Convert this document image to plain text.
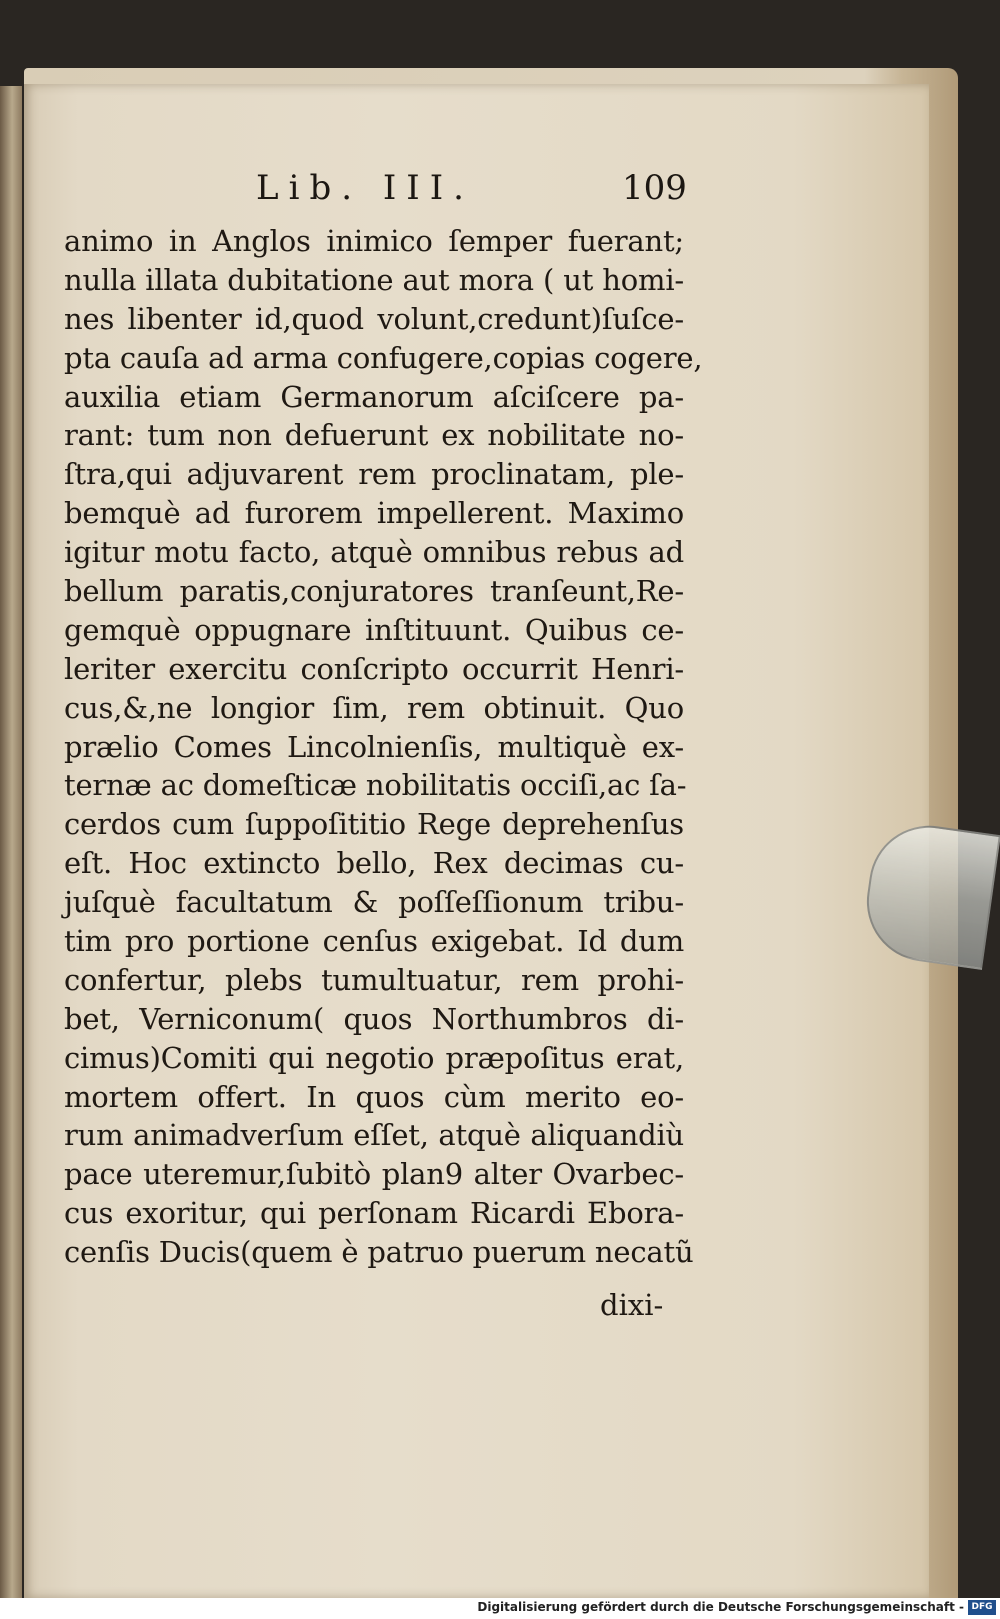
Lib. III.	109
animo in Anglos inimico ſemper fuerant;
nulla illata dubitatione aut mora ( ut homi-
nes libenter id,quod volunt,credunt)ſuſce-
pta cauſa ad arma confugere,copias cogere,
auxilia etiam Germanorum aſciſcere pa-
rant: tum non defuerunt ex nobilitate no-
ſtra,qui adjuvarent rem proclinatam, ple-
bemquè ad furorem impellerent. Maximo
igitur motu facto, atquè omnibus rebus ad
bellum paratis,conjuratores tranſeunt,Re-
gemquè oppugnare inſtituunt. Quibus ce-
leriter exercitu conſcripto occurrit Henri-
cus,&,ne longior ſim, rem obtinuit. Quo
prælio Comes Lincolnienſis, multiquè ex-
ternæ ac domeſticæ nobilitatis occiſi,ac ſa-
cerdos cum ſuppoſititio Rege deprehenſus
eſt. Hoc extincto bello, Rex decimas cu-
juſquè facultatum & poſſeſſionum tribu-
tim pro portione cenſus exigebat. Id dum
confertur, plebs tumultuatur, rem prohi-
bet, Verniconum( quos Northumbros di-
cimus)Comiti qui negotio præpoſitus erat,
mortem offert. In quos cùm merito eo-
rum animadverſum eſſet, atquè aliquandiù
pace uteremur,ſubitò plan9 alter Ovarbec-
cus exoritur, qui perſonam Ricardi Ebora-
cenſis Ducis(quem è patruo puerum necatũ
dixi-
Digitalisierung gefördert durch die Deutsche Forschungsgemeinschaft - DFG
